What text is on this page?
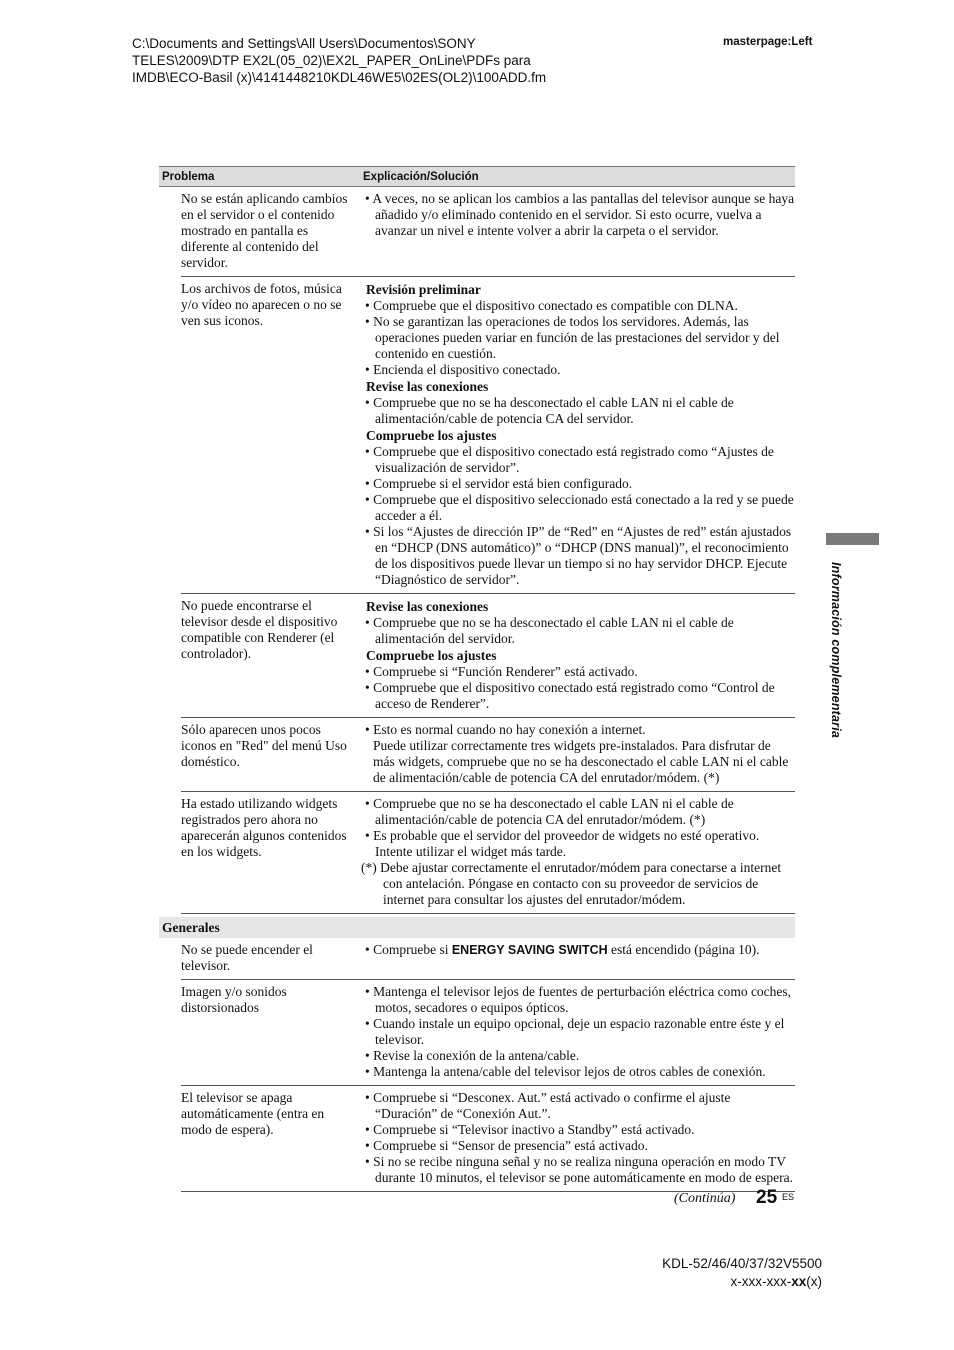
C:\Documents and Settings\All Users\Documentos\SONY
TELES\2009\DTP EX2L(05_02)\EX2L_PAPER_OnLine\PDFs para
IMDB\ECO-Basil (x)\4141448210KDL46WE5\02ES(OL2)\100ADD.fm
masterpage:Left
Información complementaria
Problema	Explicación/Solución
No se están aplicando cambios en el servidor o el contenido mostrado en pantalla es diferente al contenido del servidor.
• A veces, no se aplican los cambios a las pantallas del televisor aunque se haya añadido y/o eliminado contenido en el servidor. Si esto ocurre, vuelva a avanzar un nivel e intente volver a abrir la carpeta o el servidor.
Los archivos de fotos, música y/o vídeo no aparecen o no se ven sus iconos.
Revisión preliminar
• Compruebe que el dispositivo conectado es compatible con DLNA.
• No se garantizan las operaciones de todos los servidores. Además, las operaciones pueden variar en función de las prestaciones del servidor y del contenido en cuestión.
• Encienda el dispositivo conectado.
Revise las conexiones
• Compruebe que no se ha desconectado el cable LAN ni el cable de alimentación/cable de potencia CA del servidor.
Compruebe los ajustes
• Compruebe que el dispositivo conectado está registrado como “Ajustes de visualización de servidor”.
• Compruebe si el servidor está bien configurado.
• Compruebe que el dispositivo seleccionado está conectado a la red y se puede acceder a él.
• Si los “Ajustes de dirección IP” de “Red” en “Ajustes de red” están ajustados en “DHCP (DNS automático)” o “DHCP (DNS manual)”, el reconocimiento de los dispositivos puede llevar un tiempo si no hay servidor DHCP. Ejecute “Diagnóstico de servidor”.
No puede encontrarse el televisor desde el dispositivo compatible con Renderer (el controlador).
Revise las conexiones
• Compruebe que no se ha desconectado el cable LAN ni el cable de alimentación del servidor.
Compruebe los ajustes
• Compruebe si “Función Renderer” está activado.
• Compruebe que el dispositivo conectado está registrado como “Control de acceso de Renderer”.
Sólo aparecen unos pocos iconos en "Red" del menú Uso doméstico.
• Esto es normal cuando no hay conexión a internet.
Puede utilizar correctamente tres widgets pre-instalados. Para disfrutar de más widgets, compruebe que no se ha desconectado el cable LAN ni el cable de alimentación/cable de potencia CA del enrutador/módem. (*)
Ha estado utilizando widgets registrados pero ahora no aparecerán algunos contenidos en los widgets.
• Compruebe que no se ha desconectado el cable LAN ni el cable de alimentación/cable de potencia CA del enrutador/módem. (*)
• Es probable que el servidor del proveedor de widgets no esté operativo. Intente utilizar el widget más tarde.
(*) Debe ajustar correctamente el enrutador/módem para conectarse a internet con antelación. Póngase en contacto con su proveedor de servicios de internet para consultar los ajustes del enrutador/módem.
Generales
No se puede encender el televisor.
• Compruebe si ENERGY SAVING SWITCH está encendido (página 10).
Imagen y/o sonidos distorsionados
• Mantenga el televisor lejos de fuentes de perturbación eléctrica como coches, motos, secadores o equipos ópticos.
• Cuando instale un equipo opcional, deje un espacio razonable entre éste y el televisor.
• Revise la conexión de la antena/cable.
• Mantenga la antena/cable del televisor lejos de otros cables de conexión.
El televisor se apaga automáticamente (entra en modo de espera).
• Compruebe si “Desconex. Aut.” está activado o confirme el ajuste “Duración” de “Conexión Aut.”.
• Compruebe si “Televisor inactivo a Standby” está activado.
• Compruebe si “Sensor de presencia” está activado.
• Si no se recibe ninguna señal y no se realiza ninguna operación en modo TV durante 10 minutos, el televisor se pone automáticamente en modo de espera.
(Continúa) 25 ES
KDL-52/46/40/37/32V5500
x-xxx-xxx-xx(x)
